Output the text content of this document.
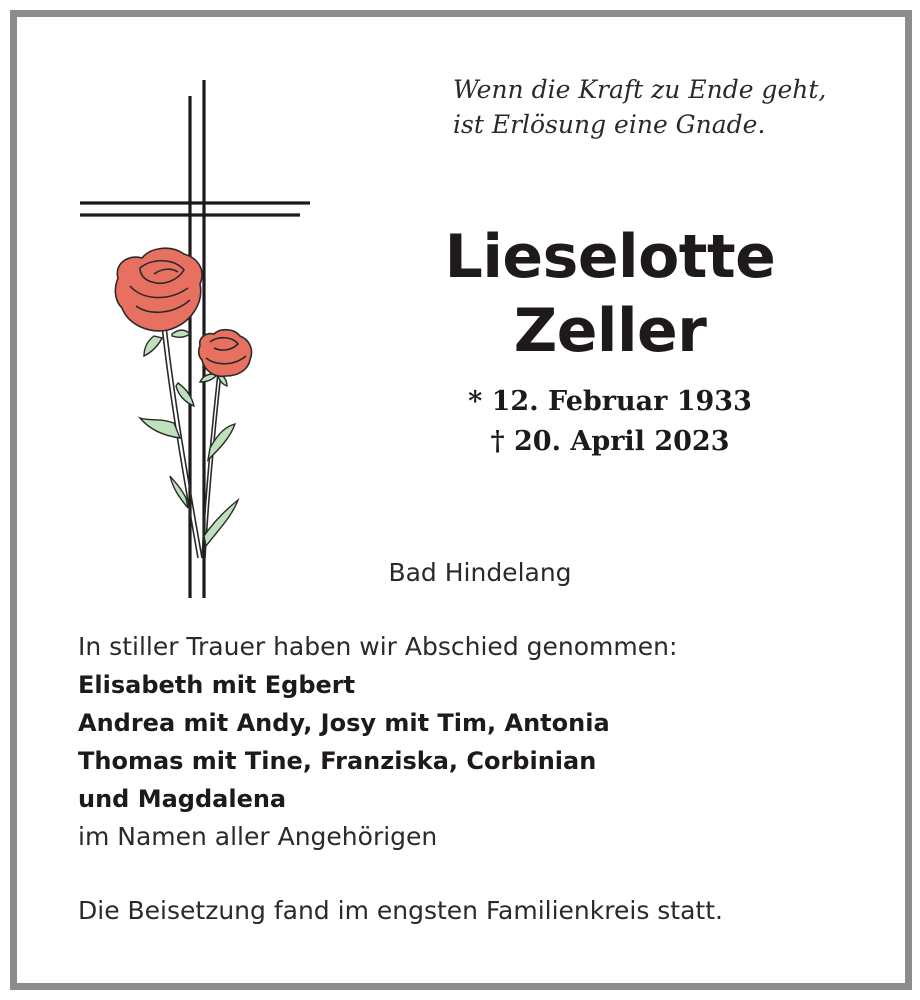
Wenn die Kraft zu Ende geht,
ist Erlösung eine Gnade.
Lieselotte
Zeller
* 12. Februar 1933
† 20. April 2023
Bad Hindelang
In stiller Trauer haben wir Abschied genommen:
Elisabeth mit Egbert
Andrea mit Andy, Josy mit Tim, Antonia
Thomas mit Tine, Franziska, Corbinian
und Magdalena
im Namen aller Angehörigen
Die Beisetzung fand im engsten Familienkreis statt.
